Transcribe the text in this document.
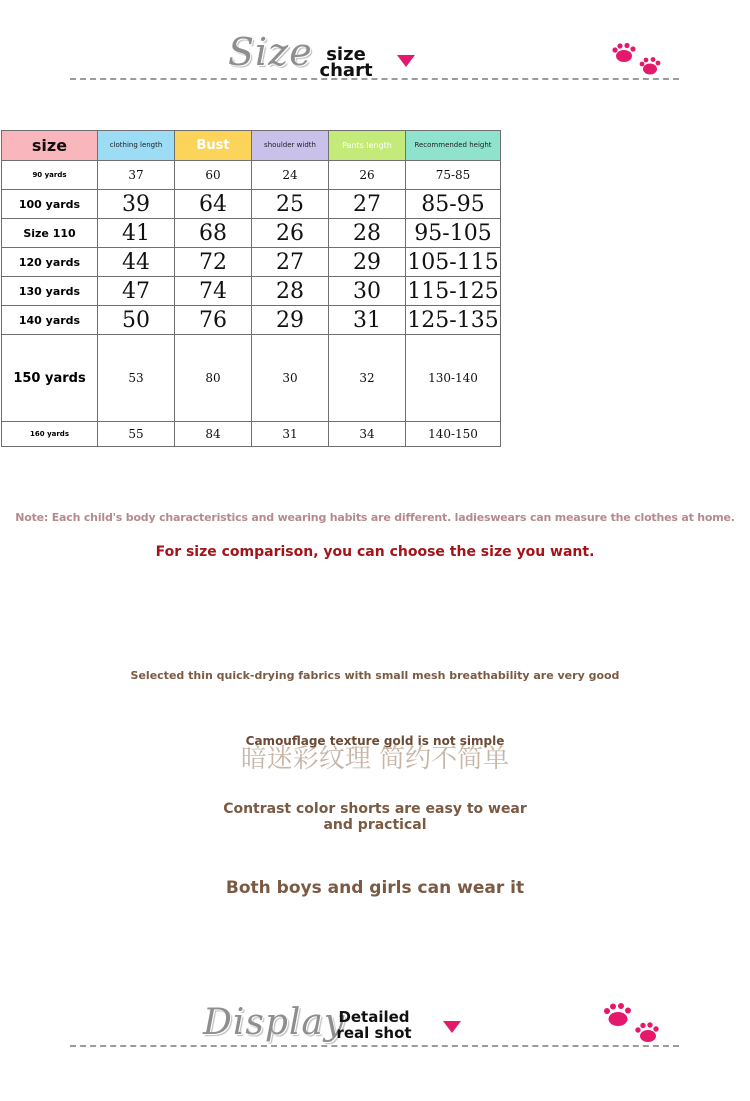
Size size chart
size	clothing length	Bust	shoulder width	Pants length	Recommended height
90 yards	37	60	24	26	75-85
100 yards	39	64	25	27	85-95
Size 110	41	68	26	28	95-105
120 yards	44	72	27	29	105-115
130 yards	47	74	28	30	115-125
140 yards	50	76	29	31	125-135
150 yards	53	80	30	32	130-140
160 yards	55	84	31	34	140-150
Note: Each child's body characteristics and wearing habits are different. ladieswears can measure the clothes at home.
For size comparison, you can choose the size you want.
Selected thin quick-drying fabrics with small mesh breathability are very good
暗迷彩纹理 简约不简单
Camouflage texture gold is not simple
Contrast color shorts are easy to wear and practical
Both boys and girls can wear it
Display
Detailed real shot
